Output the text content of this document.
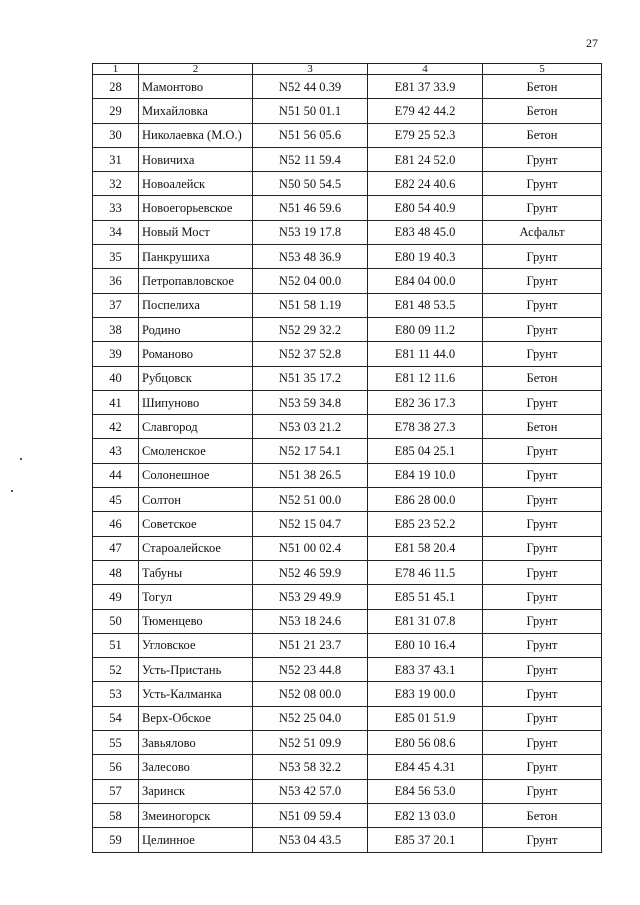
27
1	2	3	4	5
28	Мамонтово	N52 44 0.39	E81 37 33.9	Бетон
29	Михайловка	N51 50 01.1	E79 42 44.2	Бетон
30	Николаевка (М.О.)	N51 56 05.6	E79 25 52.3	Бетон
31	Новичиха	N52 11 59.4	E81 24 52.0	Грунт
32	Новоалейск	N50 50 54.5	E82 24 40.6	Грунт
33	Новоегорьевское	N51 46 59.6	E80 54 40.9	Грунт
34	Новый Мост	N53 19 17.8	E83 48 45.0	Асфальт
35	Панкрушиха	N53 48 36.9	E80 19 40.3	Грунт
36	Петропавловское	N52 04 00.0	E84 04 00.0	Грунт
37	Поспелиха	N51 58 1.19	E81 48 53.5	Грунт
38	Родино	N52 29 32.2	E80 09 11.2	Грунт
39	Романово	N52 37 52.8	E81 11 44.0	Грунт
40	Рубцовск	N51 35 17.2	E81 12 11.6	Бетон
41	Шипуново	N53 59 34.8	E82 36 17.3	Грунт
42	Славгород	N53 03 21.2	E78 38 27.3	Бетон
43	Смоленское	N52 17 54.1	E85 04 25.1	Грунт
44	Солонешное	N51 38 26.5	E84 19 10.0	Грунт
45	Солтон	N52 51 00.0	E86 28 00.0	Грунт
46	Советское	N52 15 04.7	E85 23 52.2	Грунт
47	Староалейское	N51 00 02.4	E81 58 20.4	Грунт
48	Табуны	N52 46 59.9	E78 46 11.5	Грунт
49	Тогул	N53 29 49.9	E85 51 45.1	Грунт
50	Тюменцево	N53 18 24.6	E81 31 07.8	Грунт
51	Угловское	N51 21 23.7	E80 10 16.4	Грунт
52	Усть-Пристань	N52 23 44.8	E83 37 43.1	Грунт
53	Усть-Калманка	N52 08 00.0	E83 19 00.0	Грунт
54	Верх-Обское	N52 25 04.0	E85 01 51.9	Грунт
55	Завьялово	N52 51 09.9	E80 56 08.6	Грунт
56	Залесово	N53 58 32.2	E84 45 4.31	Грунт
57	Заринск	N53 42 57.0	E84 56 53.0	Грунт
58	Змеиногорск	N51 09 59.4	E82 13 03.0	Бетон
59	Целинное	N53 04 43.5	E85 37 20.1	Грунт
